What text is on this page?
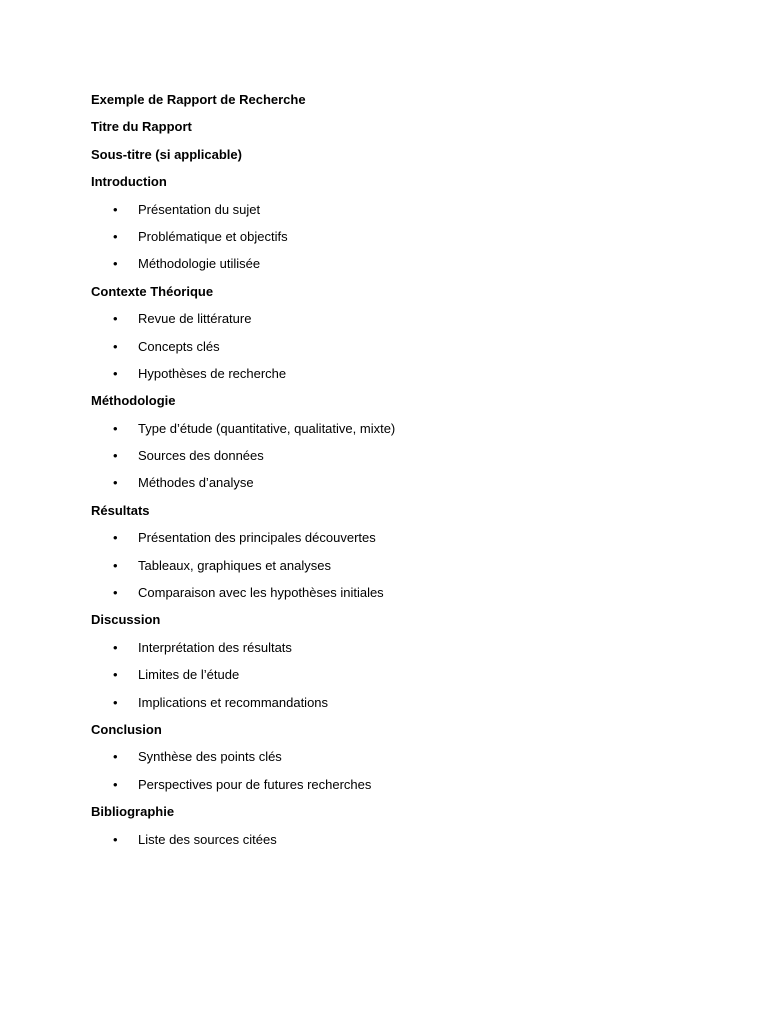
Exemple de Rapport de Recherche
Titre du Rapport
Sous-titre (si applicable)
Introduction
• Présentation du sujet
• Problématique et objectifs
• Méthodologie utilisée
Contexte Théorique
• Revue de littérature
• Concepts clés
• Hypothèses de recherche
Méthodologie
• Type d’étude (quantitative, qualitative, mixte)
• Sources des données
• Méthodes d’analyse
Résultats
• Présentation des principales découvertes
• Tableaux, graphiques et analyses
• Comparaison avec les hypothèses initiales
Discussion
• Interprétation des résultats
• Limites de l’étude
• Implications et recommandations
Conclusion
• Synthèse des points clés
• Perspectives pour de futures recherches
Bibliographie
• Liste des sources citées
